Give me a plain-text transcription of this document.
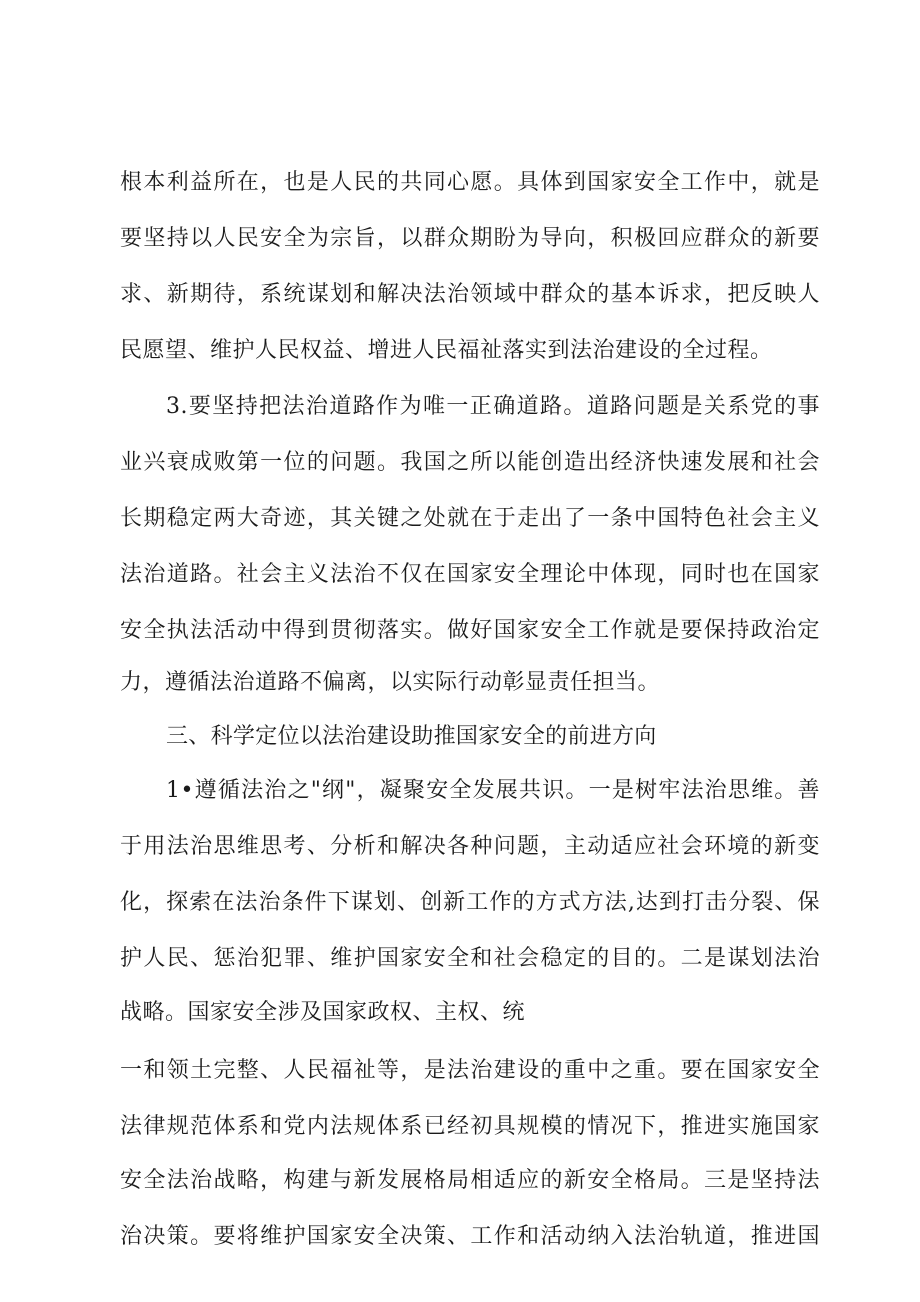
根本利益所在，也是人民的共同心愿。具体到国家安全工作中，就是
要坚持以人民安全为宗旨，以群众期盼为导向，积极回应群众的新要
求、新期待，系统谋划和解决法治领域中群众的基本诉求，把反映人
民愿望、维护人民权益、增进人民福祉落实到法治建设的全过程。
3.要坚持把法治道路作为唯一正确道路。道路问题是关系党的事
业兴衰成败第一位的问题。我国之所以能创造出经济快速发展和社会
长期稳定两大奇迹，其关键之处就在于走出了一条中国特色社会主义
法治道路。社会主义法治不仅在国家安全理论中体现，同时也在国家
安全执法活动中得到贯彻落实。做好国家安全工作就是要保持政治定
力，遵循法治道路不偏离，以实际行动彰显责任担当。
三、科学定位以法治建设助推国家安全的前进方向
1•遵循法治之"纲"，凝聚安全发展共识。一是树牢法治思维。善
于用法治思维思考、分析和解决各种问题，主动适应社会环境的新变
化，探索在法治条件下谋划、创新工作的方式方法,达到打击分裂、保
护人民、惩治犯罪、维护国家安全和社会稳定的目的。二是谋划法治
战略。国家安全涉及国家政权、主权、统
一和领土完整、人民福祉等，是法治建设的重中之重。要在国家安全
法律规范体系和党内法规体系已经初具规模的情况下，推进实施国家
安全法治战略，构建与新发展格局相适应的新安全格局。三是坚持法
治决策。要将维护国家安全决策、工作和活动纳入法治轨道，推进国
